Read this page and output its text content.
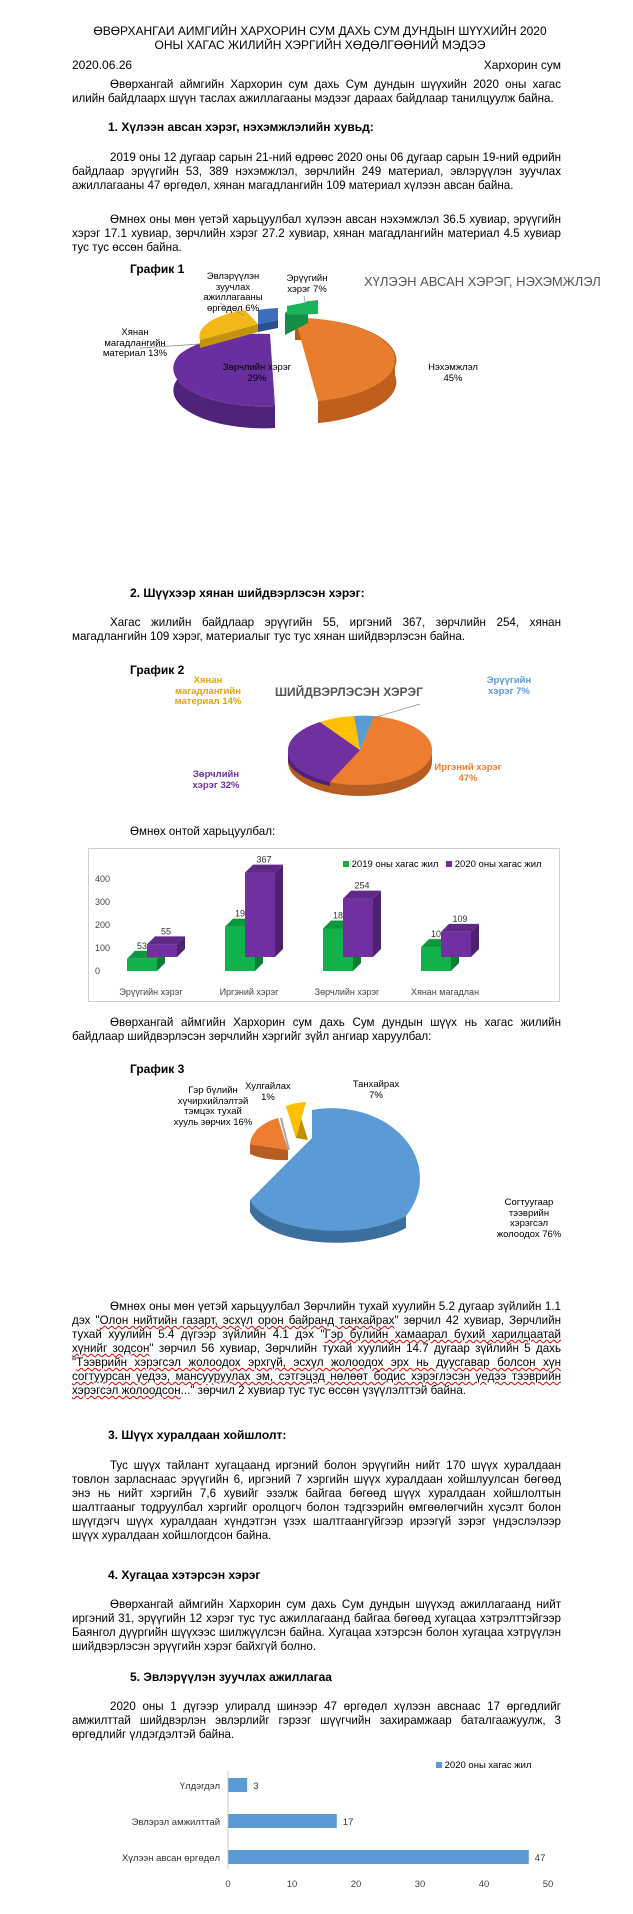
ӨВӨРХАНГАИ АИМГИЙН ХАРХОРИН СУМ ДАХЬ СУМ ДУНДЫН ШҮҮХИЙН 2020 ОНЫ ХАГАС ЖИЛИЙН ХЭРГИЙН ХӨДӨЛГӨӨНИЙ МЭДЭЭ
2020.06.26	Хархорин сум
Өвөрхангай аймгийн Хархорин сум дахь Сум дундын шүүхийн 2020 оны хагас илийн байдлаарх шүүн таслах ажиллагааны мэдээг дараах байдлаар танилцуулж байна.
1. Хүлээн авсан хэрэг, нэхэмжлэлийн хувьд:
2019 оны 12 дугаар сарын 21-ний өдрөөс 2020 оны 06 дугаар сарын 19-ний өдрийн байдлаар эрүүгийн 53, 389 нэхэмжлэл, зөрчлийн 249 материал, эвлэрүүлэн зуучлах ажиллагааны 47 өргөдөл, хянан магадлангийн 109 материал хүлээн авсан байна.
Өмнөх оны мөн үетэй харьцуулбал хүлээн авсан нэхэмжлэл 36.5 хувиар, эрүүгийн хэрэг 17.1 хувиар, зөрчлийн хэрэг 27.2 хувиар, хянан магадлангийн материал 4.5 хувиар тус тус өссөн байна.
График 1
ХҮЛЭЭН АВСАН ХЭРЭГ, НЭХЭМЖЛЭЛ
Эрүүгийн хэрэг 7%
Эвлэрүүлэн зуучлах ажиллагааны өргөдөл 6%
Хянан магадлангийн материал 13%
Зөрчлийн хэрэг 29%
Нэхэмжлэл 45%
2. Шүүхээр хянан шийдвэрлэсэн хэрэг:
Хагас жилийн байдлаар эрүүгийн 55, иргэний 367, зөрчлийн 254, хянан магадлангийн 109 хэрэг, материалыг тус тус хянан шийдвэрлэсэн байна.
График 2
ШИЙДВЭРЛЭСЭН ХЭРЭГ
Хянан магадлангийн материал 14%
Эрүүгийн хэрэг 7%
Зөрчлийн хэрэг 32%
Иргэний хэрэг 47%
Өмнөх онтой харьцуулбал:
400
300
200
100
0
53
55
Эрүүгийн хэрэг
19
367
Иргэний хэрэг
18
254
Зөрчлийн хэрэг
10
109
Хянан магадлан
2019 оны хагас жил 2020 оны хагас жил
Өвөрхангай аймгийн Хархорин сум дахь Сум дундын шүүх нь хагас жилийн байдлаар шийдвэрлэсэн зөрчлийн хэргийг зүйл ангиар харуулбал:
График 3
Гэр бүлийн хүчирхийлэлтэй тэмцэх тухай хууль зөрчих 16%
Хулгайлах 1%
Танхайрах 7%
Согтуугаар тээврийн хэрэгсэл жолоодох 76%
Өмнөх оны мөн үетэй харьцуулбал Зөрчлийн тухай хуулийн 5.2 дугаар зүйлийн 1.1 дэх "Олон нийтийн газарт, эсхүл орон байранд танхайрах" зөрчил 42 хувиар, Зөрчлийн тухай хуулийн 5.4 дүгээр зүйлийн 4.1 дэх "Гэр бүлийн хамаарал бүхий харилцаатай хүнийг зодсон" зөрчил 56 хувиар, Зөрчлийн тухай хуулийн 14.7 дугаар зүйлийн 5 дахь "Тээврийн хэрэгсэл жолоодох эрхгүй, эсхүл жолоодох эрх нь дуусгавар болсон хүн согтуурсан үедээ, мансууруулах эм, сэтгэцэд нөлөөт бодис хэрэглэсэн үедээ тээврийн хэрэгсэл жолоодсон..." зөрчил 2 хувиар тус тус өссөн үзүүлэлттэй байна.
3. Шүүх хуралдаан хойшлолт:
Тус шүүх тайлант хугацаанд иргэний болон эрүүгийн нийт 170 шүүх хуралдаан товлон зарласнаас эрүүгийн 6, иргэний 7 хэргийн шүүх хуралдаан хойшлуулсан бөгөөд энэ нь нийт хэргийн 7,6 хувийг эзэлж байгаа бөгөөд шүүх хуралдаан хойшлолтын шалтгааныг тодруулбал хэргийг оролцогч болон тэдгээрийн өмгөөлөгчийн хүсэлт болон шүүгдэгч шүүх хуралдаан хүндэтгэн үзэх шалтгаангүйгээр ирээгүй зэрэг үндэслэлээр шүүх хуралдаан хойшлогдсон байна.
4. Хугацаа хэтэрсэн хэрэг
Өвөрхангай аймгийн Хархорин сум дахь Сум дундын шүүхэд ажиллагаанд нийт иргэний 31, эрүүгийн 12 хэрэг тус тус ажиллагаанд байгаа бөгөөд хугацаа хэтрэлттэйгээр Баянгол дүүргийн шүүхээс шилжүүлсэн байна. Хугацаа хэтэрсэн болон хугацаа хэтрүүлэн шийдвэрлэсэн эрүүгийн хэрэг байхгүй болно.
5. Эвлэрүүлэн зуучлах ажиллагаа
2020 оны 1 дүгээр улиралд шинээр 47 өргөдөл хүлээн авснаас 17 өргөдлийг амжилттай шийдвэрлэн эвлэрлийг гэрээг шүүгчийн захирамжаар баталгаажуулж, 3 өргөдлийг үлдэгдэлтэй байна.
Үлдэгдэл	3
Эвлэрэл амжилттай	17
Хүлээн авсан өргөдөл	47
0	10	20	30	40	50
2020 оны хагас жил
